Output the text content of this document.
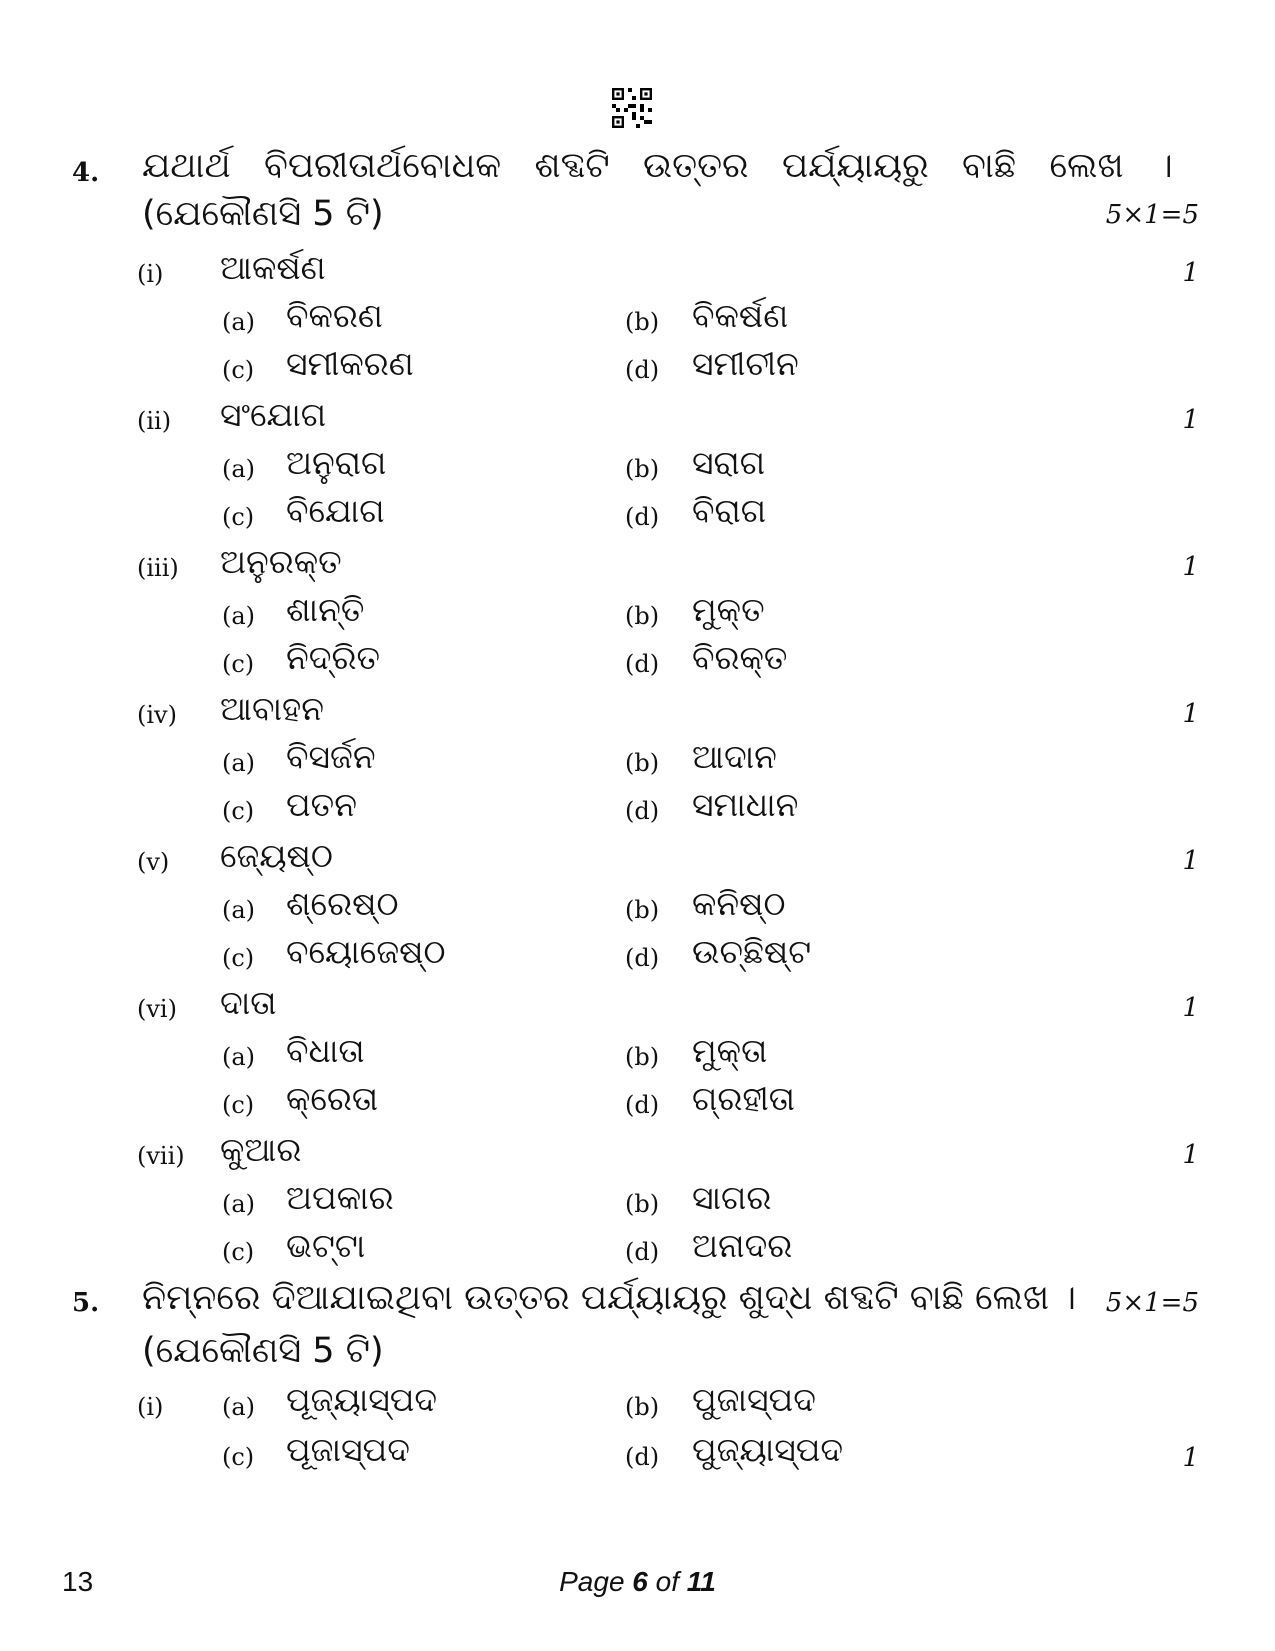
4. ଯଥାର୍ଥ   ବିପରୀତାର୍ଥବୋଧକ   ଶବ୍ଦଟି   ଉତ୍ତର   ପର୍ଯ୍ୟାୟରୁ   ବାଛି   ଲେଖ   ।
(ଯେକୌଣସି 5 ଟି)	5×1=5
(i) ଆକର୍ଷଣ	1
(a) ବିକରଣ	(b) ବିକର୍ଷଣ
(c) ସମୀକରଣ	(d) ସମୀଚୀନ
(ii) ସଂଯୋଗ	1
(a) ଅନୁରାଗ	(b) ସରାଗ
(c) ବିଯୋଗ	(d) ବିରାଗ
(iii) ଅନୁରକ୍ତ	1
(a) ଶାନ୍ତି	(b) ମୁକ୍ତ
(c) ନିଦ୍ରିତ	(d) ବିରକ୍ତ
(iv) ଆବାହନ	1
(a) ବିସର୍ଜନ	(b) ଆଦାନ
(c) ପତନ	(d) ସମାଧାନ
(v) ଜ୍ୟେଷ୍ଠ	1
(a) ଶ୍ରେଷ୍ଠ	(b) କନିଷ୍ଠ
(c) ବୟୋଜେଷ୍ଠ	(d) ଉଚ୍ଛିଷ୍ଟ
(vi) ଦାତା	1
(a) ବିଧାତା	(b) ମୁକ୍ତା
(c) କ୍ରେତା	(d) ଗ୍ରହୀତା
(vii) କୁଆର	1
(a) ଅପକାର	(b) ସାଗର
(c) ଭଟ୍ଟା	(d) ଅନାଦର
5. ନିମ୍ନରେ ଦିଆଯାଇଥିବା ଉତ୍ତର ପର୍ଯ୍ୟାୟରୁ ଶୁଦ୍ଧ ଶବ୍ଦଟି ବାଛି ଲେଖ । 5×1=5
(ଯେକୌଣସି 5 ଟି)
(i) (a) ପୂଜ୍ୟାସ୍ପଦ	(b) ପୁଜାସ୍ପଦ
(c) ପୂଜାସ୍ପଦ	(d) ପୁଜ୍ୟାସ୍ପଦ	1
13	Page 6 of 11
